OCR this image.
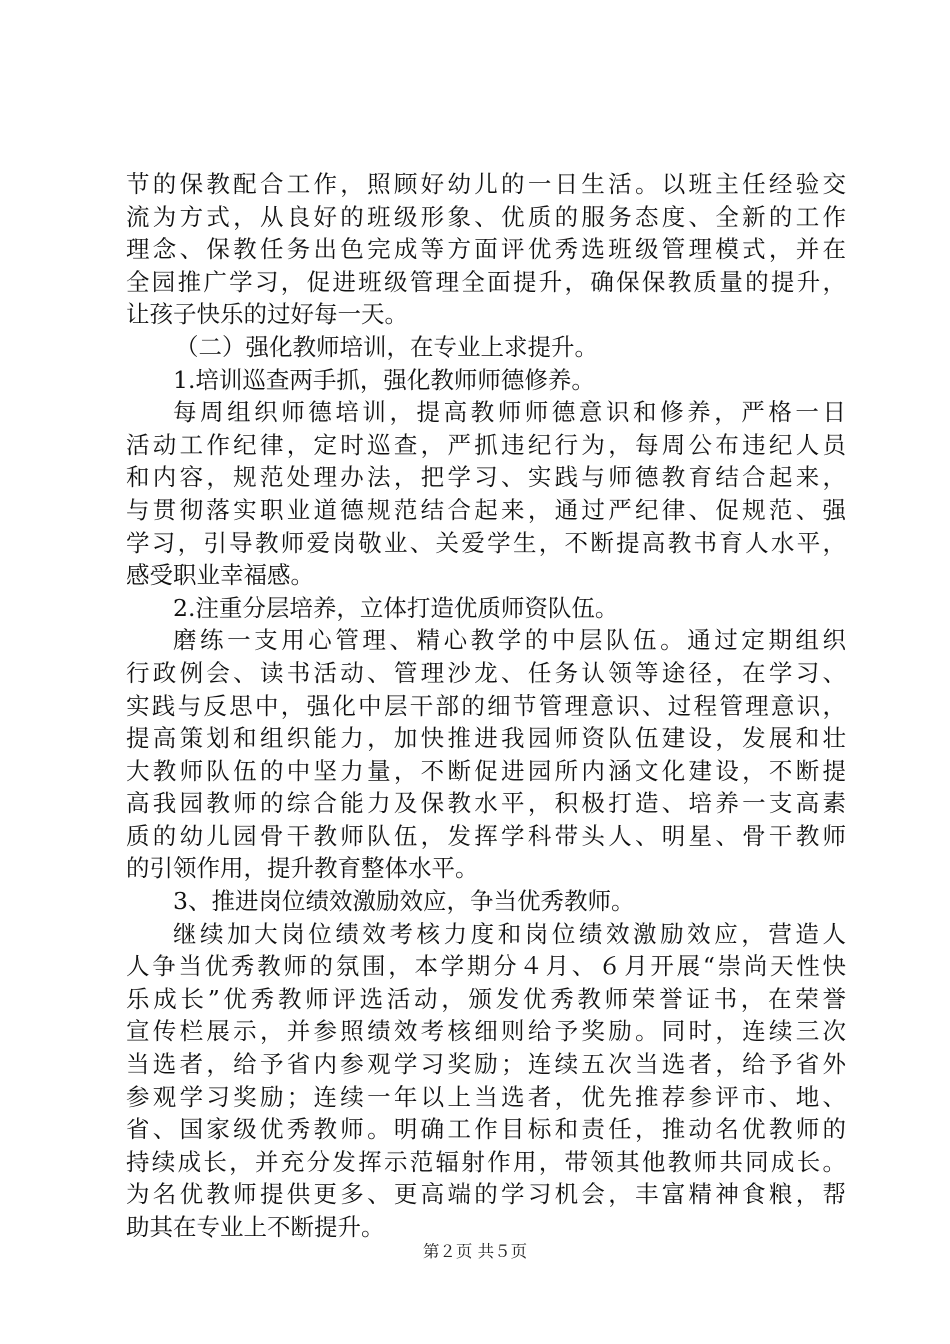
节的保教配合工作，照顾好幼儿的一日生活。以班主任经验交
流为方式，从良好的班级形象、优质的服务态度、全新的工作
理念、保教任务出色完成等方面评优秀选班级管理模式，并在
全园推广学习，促进班级管理全面提升，确保保教质量的提升，
让孩子快乐的过好每一天。
（二）强化教师培训，在专业上求提升。
1.培训巡查两手抓，强化教师师德修养。
每周组织师德培训，提高教师师德意识和修养，严格一日
活动工作纪律，定时巡查，严抓违纪行为，每周公布违纪人员
和内容，规范处理办法，把学习、实践与师德教育结合起来，
与贯彻落实职业道德规范结合起来，通过严纪律、促规范、强
学习，引导教师爱岗敬业、关爱学生，不断提高教书育人水平，
感受职业幸福感。
2.注重分层培养，立体打造优质师资队伍。
磨练一支用心管理、精心教学的中层队伍。通过定期组织
行政例会、读书活动、管理沙龙、任务认领等途径，在学习、
实践与反思中，强化中层干部的细节管理意识、过程管理意识，
提高策划和组织能力，加快推进我园师资队伍建设，发展和壮
大教师队伍的中坚力量，不断促进园所内涵文化建设，不断提
高我园教师的综合能力及保教水平，积极打造、培养一支高素
质的幼儿园骨干教师队伍，发挥学科带头人、明星、骨干教师
的引领作用，提升教育整体水平。
3、推进岗位绩效激励效应，争当优秀教师。
继续加大岗位绩效考核力度和岗位绩效激励效应，营造人
人争当优秀教师的氛围，本学期分４月、６月开展“崇尚天性快
乐成长”优秀教师评选活动，颁发优秀教师荣誉证书，在荣誉
宣传栏展示，并参照绩效考核细则给予奖励。同时，连续三次
当选者，给予省内参观学习奖励；连续五次当选者，给予省外
参观学习奖励；连续一年以上当选者，优先推荐参评市、地、
省、国家级优秀教师。明确工作目标和责任，推动名优教师的
持续成长，并充分发挥示范辐射作用，带领其他教师共同成长。
为名优教师提供更多、更高端的学习机会，丰富精神食粮，帮
助其在专业上不断提升。
第２页 共５页
